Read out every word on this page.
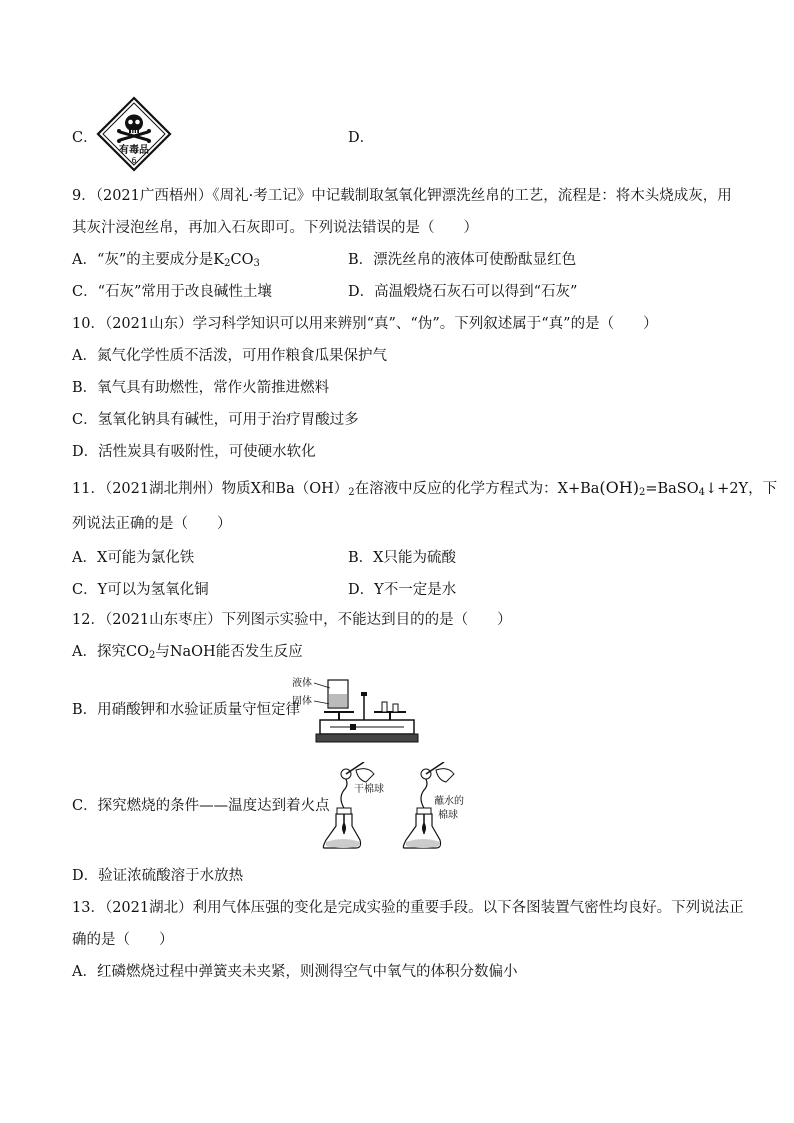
C．
有毒品
6
D．
9．（2021广西梧州）《周礼·考工记》中记载制取氢氧化钾漂洗丝帛的工艺，流程是：将木头烧成灰，用
其灰汁浸泡丝帛，再加入石灰即可。下列说法错误的是（　　）
A．“灰”的主要成分是$K_2CO_3$	B．漂洗丝帛的液体可使酚酞显红色
C．“石灰”常用于改良碱性土壤	D．高温煅烧石灰石可以得到“石灰”
10．（2021山东）学习科学知识可以用来辨别“真”、“伪”。下列叙述属于“真”的是（　　）
A．氮气化学性质不活泼，可用作粮食瓜果保护气
B．氧气具有助燃性，常作火箭推进燃料
C．氢氧化钠具有碱性，可用于治疗胃酸过多
D．活性炭具有吸附性，可使硬水软化
11．（2021湖北荆州）物质X和$Ba(OH)_2$在溶液中反应的化学方程式为：$X+Ba(OH)_2=BaSO_4↓+2Y$，下
列说法正确的是（　　）
A．X可能为氯化铁	B．X只能为硫酸
C．Y可以为氢氧化铜	D．Y不一定是水
12．（2021山东枣庄）下列图示实验中，不能达到目的的是（　　）
A．探究$CO_2$与NaOH能否发生反应
B．用硝酸钾和水验证质量守恒定律
液体
固体
C．探究燃烧的条件——温度达到着火点
干棉球
蘸水的
棉球
D．验证浓硫酸溶于水放热
13．（2021湖北）利用气体压强的变化是完成实验的重要手段。以下各图装置气密性均良好。下列说法正
确的是（　　）
A．红磷燃烧过程中弹簧夹未夹紧，则测得空气中氧气的体积分数偏小
